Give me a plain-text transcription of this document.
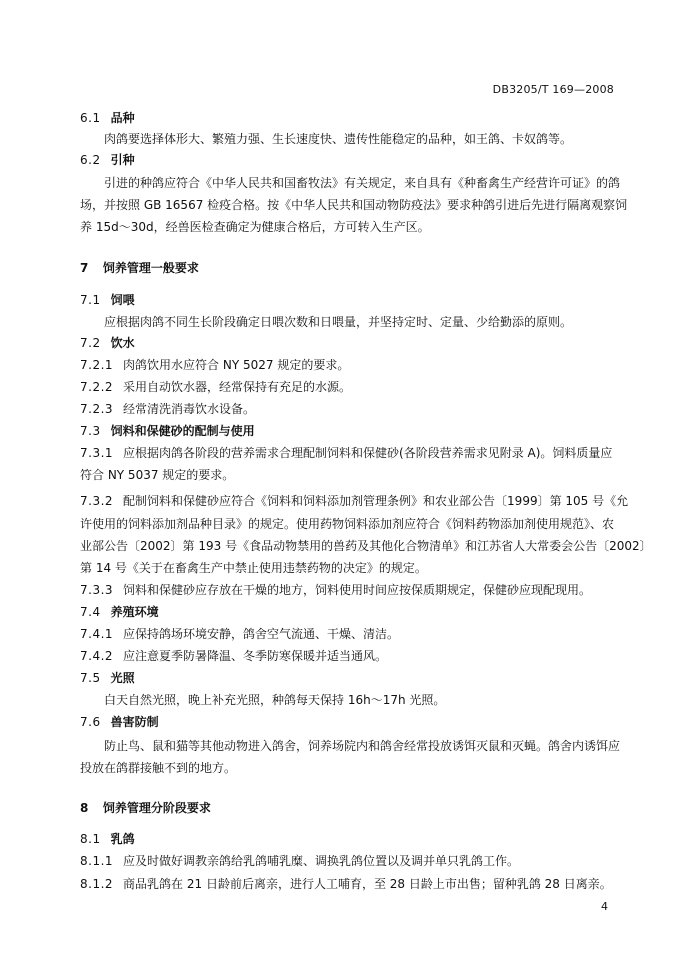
DB3205/T 169—2008
6.1 品种
肉鸽要选择体形大、繁殖力强、生长速度快、遗传性能稳定的品种，如王鸽、卡奴鸽等。
6.2 引种
引进的种鸽应符合《中华人民共和国畜牧法》有关规定，来自具有《种畜禽生产经营许可证》的鸽
场，并按照 GB 16567 检疫合格。按《中华人民共和国动物防疫法》要求种鸽引进后先进行隔离观察饲
养 15d～30d，经兽医检查确定为健康合格后，方可转入生产区。
7 饲养管理一般要求
7.1 饲喂
应根据肉鸽不同生长阶段确定日喂次数和日喂量，并坚持定时、定量、少给勤添的原则。
7.2 饮水
7.2.1 肉鸽饮用水应符合 NY 5027 规定的要求。
7.2.2 采用自动饮水器，经常保持有充足的水源。
7.2.3 经常清洗消毒饮水设备。
7.3 饲料和保健砂的配制与使用
7.3.1 应根据肉鸽各阶段的营养需求合理配制饲料和保健砂(各阶段营养需求见附录 A)。饲料质量应
符合 NY 5037 规定的要求。
7.3.2 配制饲料和保健砂应符合《饲料和饲料添加剂管理条例》和农业部公告〔1999〕第 105 号《允
许使用的饲料添加剂品种目录》的规定。使用药物饲料添加剂应符合《饲料药物添加剂使用规范》、农
业部公告〔2002〕第 193 号《食品动物禁用的兽药及其他化合物清单》和江苏省人大常委会公告〔2002〕
第 14 号《关于在畜禽生产中禁止使用违禁药物的决定》的规定。
7.3.3 饲料和保健砂应存放在干燥的地方，饲料使用时间应按保质期规定，保健砂应现配现用。
7.4 养殖环境
7.4.1 应保持鸽场环境安静，鸽舍空气流通、干燥、清洁。
7.4.2 应注意夏季防暑降温、冬季防寒保暖并适当通风。
7.5 光照
白天自然光照，晚上补充光照，种鸽每天保持 16h～17h 光照。
7.6 兽害防制
防止鸟、鼠和猫等其他动物进入鸽舍，饲养场院内和鸽舍经常投放诱饵灭鼠和灭蝇。鸽舍内诱饵应
投放在鸽群接触不到的地方。
8 饲养管理分阶段要求
8.1 乳鸽
8.1.1 应及时做好调教亲鸽给乳鸽哺乳糜、调换乳鸽位置以及调并单只乳鸽工作。
8.1.2 商品乳鸽在 21 日龄前后离亲，进行人工哺育，至 28 日龄上市出售；留种乳鸽 28 日离亲。
4
